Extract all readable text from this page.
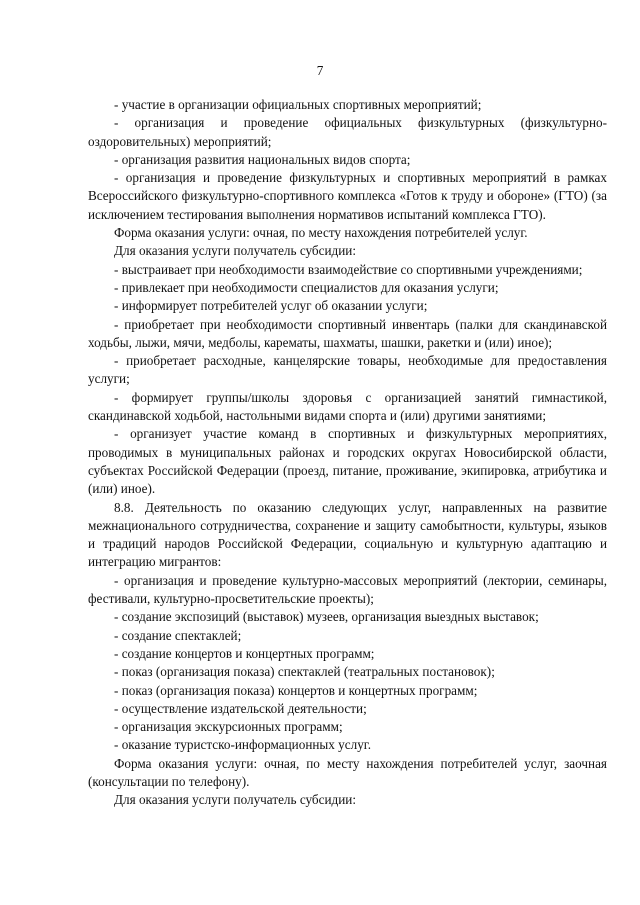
7

- участие в организации официальных спортивных мероприятий;

- организация и проведение официальных физкультурных (физкультурно-оздоровительных) мероприятий;

- организация развития национальных видов спорта;

- организация и проведение физкультурных и спортивных мероприятий в рамках Всероссийского физкультурно-спортивного комплекса «Готов к труду и обороне» (ГТО) (за исключением тестирования выполнения нормативов испытаний комплекса ГТО).

Форма оказания услуги: очная, по месту нахождения потребителей услуг.

Для оказания услуги получатель субсидии:

- выстраивает при необходимости взаимодействие со спортивными учреждениями;

- привлекает при необходимости специалистов для оказания услуги;

- информирует потребителей услуг об оказании услуги;

- приобретает при необходимости спортивный инвентарь (палки для скандинавской ходьбы, лыжи, мячи, медболы, карематы, шахматы, шашки, ракетки и (или) иное);

- приобретает расходные, канцелярские товары, необходимые для предоставления услуги;

- формирует группы/школы здоровья с организацией занятий гимнастикой, скандинавской ходьбой, настольными видами спорта и (или) другими занятиями;

- организует участие команд в спортивных и физкультурных мероприятиях, проводимых в муниципальных районах и городских округах Новосибирской области, субъектах Российской Федерации (проезд, питание, проживание, экипировка, атрибутика и (или) иное).

8.8. Деятельность по оказанию следующих услуг, направленных на развитие межнационального сотрудничества, сохранение и защиту самобытности, культуры, языков и традиций народов Российской Федерации, социальную и культурную адаптацию и интеграцию мигрантов:

- организация и проведение культурно-массовых мероприятий (лектории, семинары, фестивали, культурно-просветительские проекты);

- создание экспозиций (выставок) музеев, организация выездных выставок;

- создание спектаклей;

- создание концертов и концертных программ;

- показ (организация показа) спектаклей (театральных постановок);

- показ (организация показа) концертов и концертных программ;

- осуществление издательской деятельности;

- организация экскурсионных программ;

- оказание туристско-информационных услуг.

Форма оказания услуги: очная, по месту нахождения потребителей услуг, заочная (консультации по телефону).

Для оказания услуги получатель субсидии:
